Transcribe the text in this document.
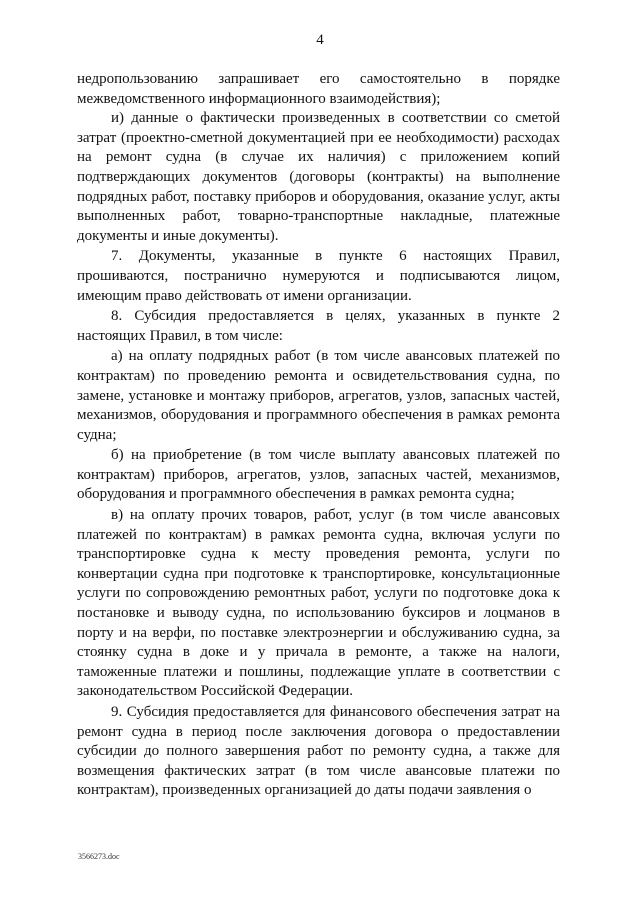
4

недропользованию запрашивает его самостоятельно в порядке межведомственного информационного взаимодействия);

и) данные о фактически произведенных в соответствии со сметой затрат (проектно-сметной документацией при ее необходимости) расходах на ремонт судна (в случае их наличия) с приложением копий подтверждающих документов (договоры (контракты) на выполнение подрядных работ, поставку приборов и оборудования, оказание услуг, акты выполненных работ, товарно-транспортные накладные, платежные документы и иные документы).

7. Документы, указанные в пункте 6 настоящих Правил, прошиваются, постранично нумеруются и подписываются лицом, имеющим право действовать от имени организации.

8. Субсидия предоставляется в целях, указанных в пункте 2 настоящих Правил, в том числе:

а) на оплату подрядных работ (в том числе авансовых платежей по контрактам) по проведению ремонта и освидетельствования судна, по замене, установке и монтажу приборов, агрегатов, узлов, запасных частей, механизмов, оборудования и программного обеспечения в рамках ремонта судна;

б) на приобретение (в том числе выплату авансовых платежей по контрактам) приборов, агрегатов, узлов, запасных частей, механизмов, оборудования и программного обеспечения в рамках ремонта судна;

в) на оплату прочих товаров, работ, услуг (в том числе авансовых платежей по контрактам) в рамках ремонта судна, включая услуги по транспортировке судна к месту проведения ремонта, услуги по конвертации судна при подготовке к транспортировке, консультационные услуги по сопровождению ремонтных работ, услуги по подготовке дока к постановке и выводу судна, по использованию буксиров и лоцманов в порту и на верфи, по поставке электроэнергии и обслуживанию судна, за стоянку судна в доке и у причала в ремонте, а также на налоги, таможенные платежи и пошлины, подлежащие уплате в соответствии с законодательством Российской Федерации.

9. Субсидия предоставляется для финансового обеспечения затрат на ремонт судна в период после заключения договора о предоставлении субсидии до полного завершения работ по ремонту судна, а также для возмещения фактических затрат (в том числе авансовые платежи по контрактам), произведенных организацией до даты подачи заявления о

3566273.doc
